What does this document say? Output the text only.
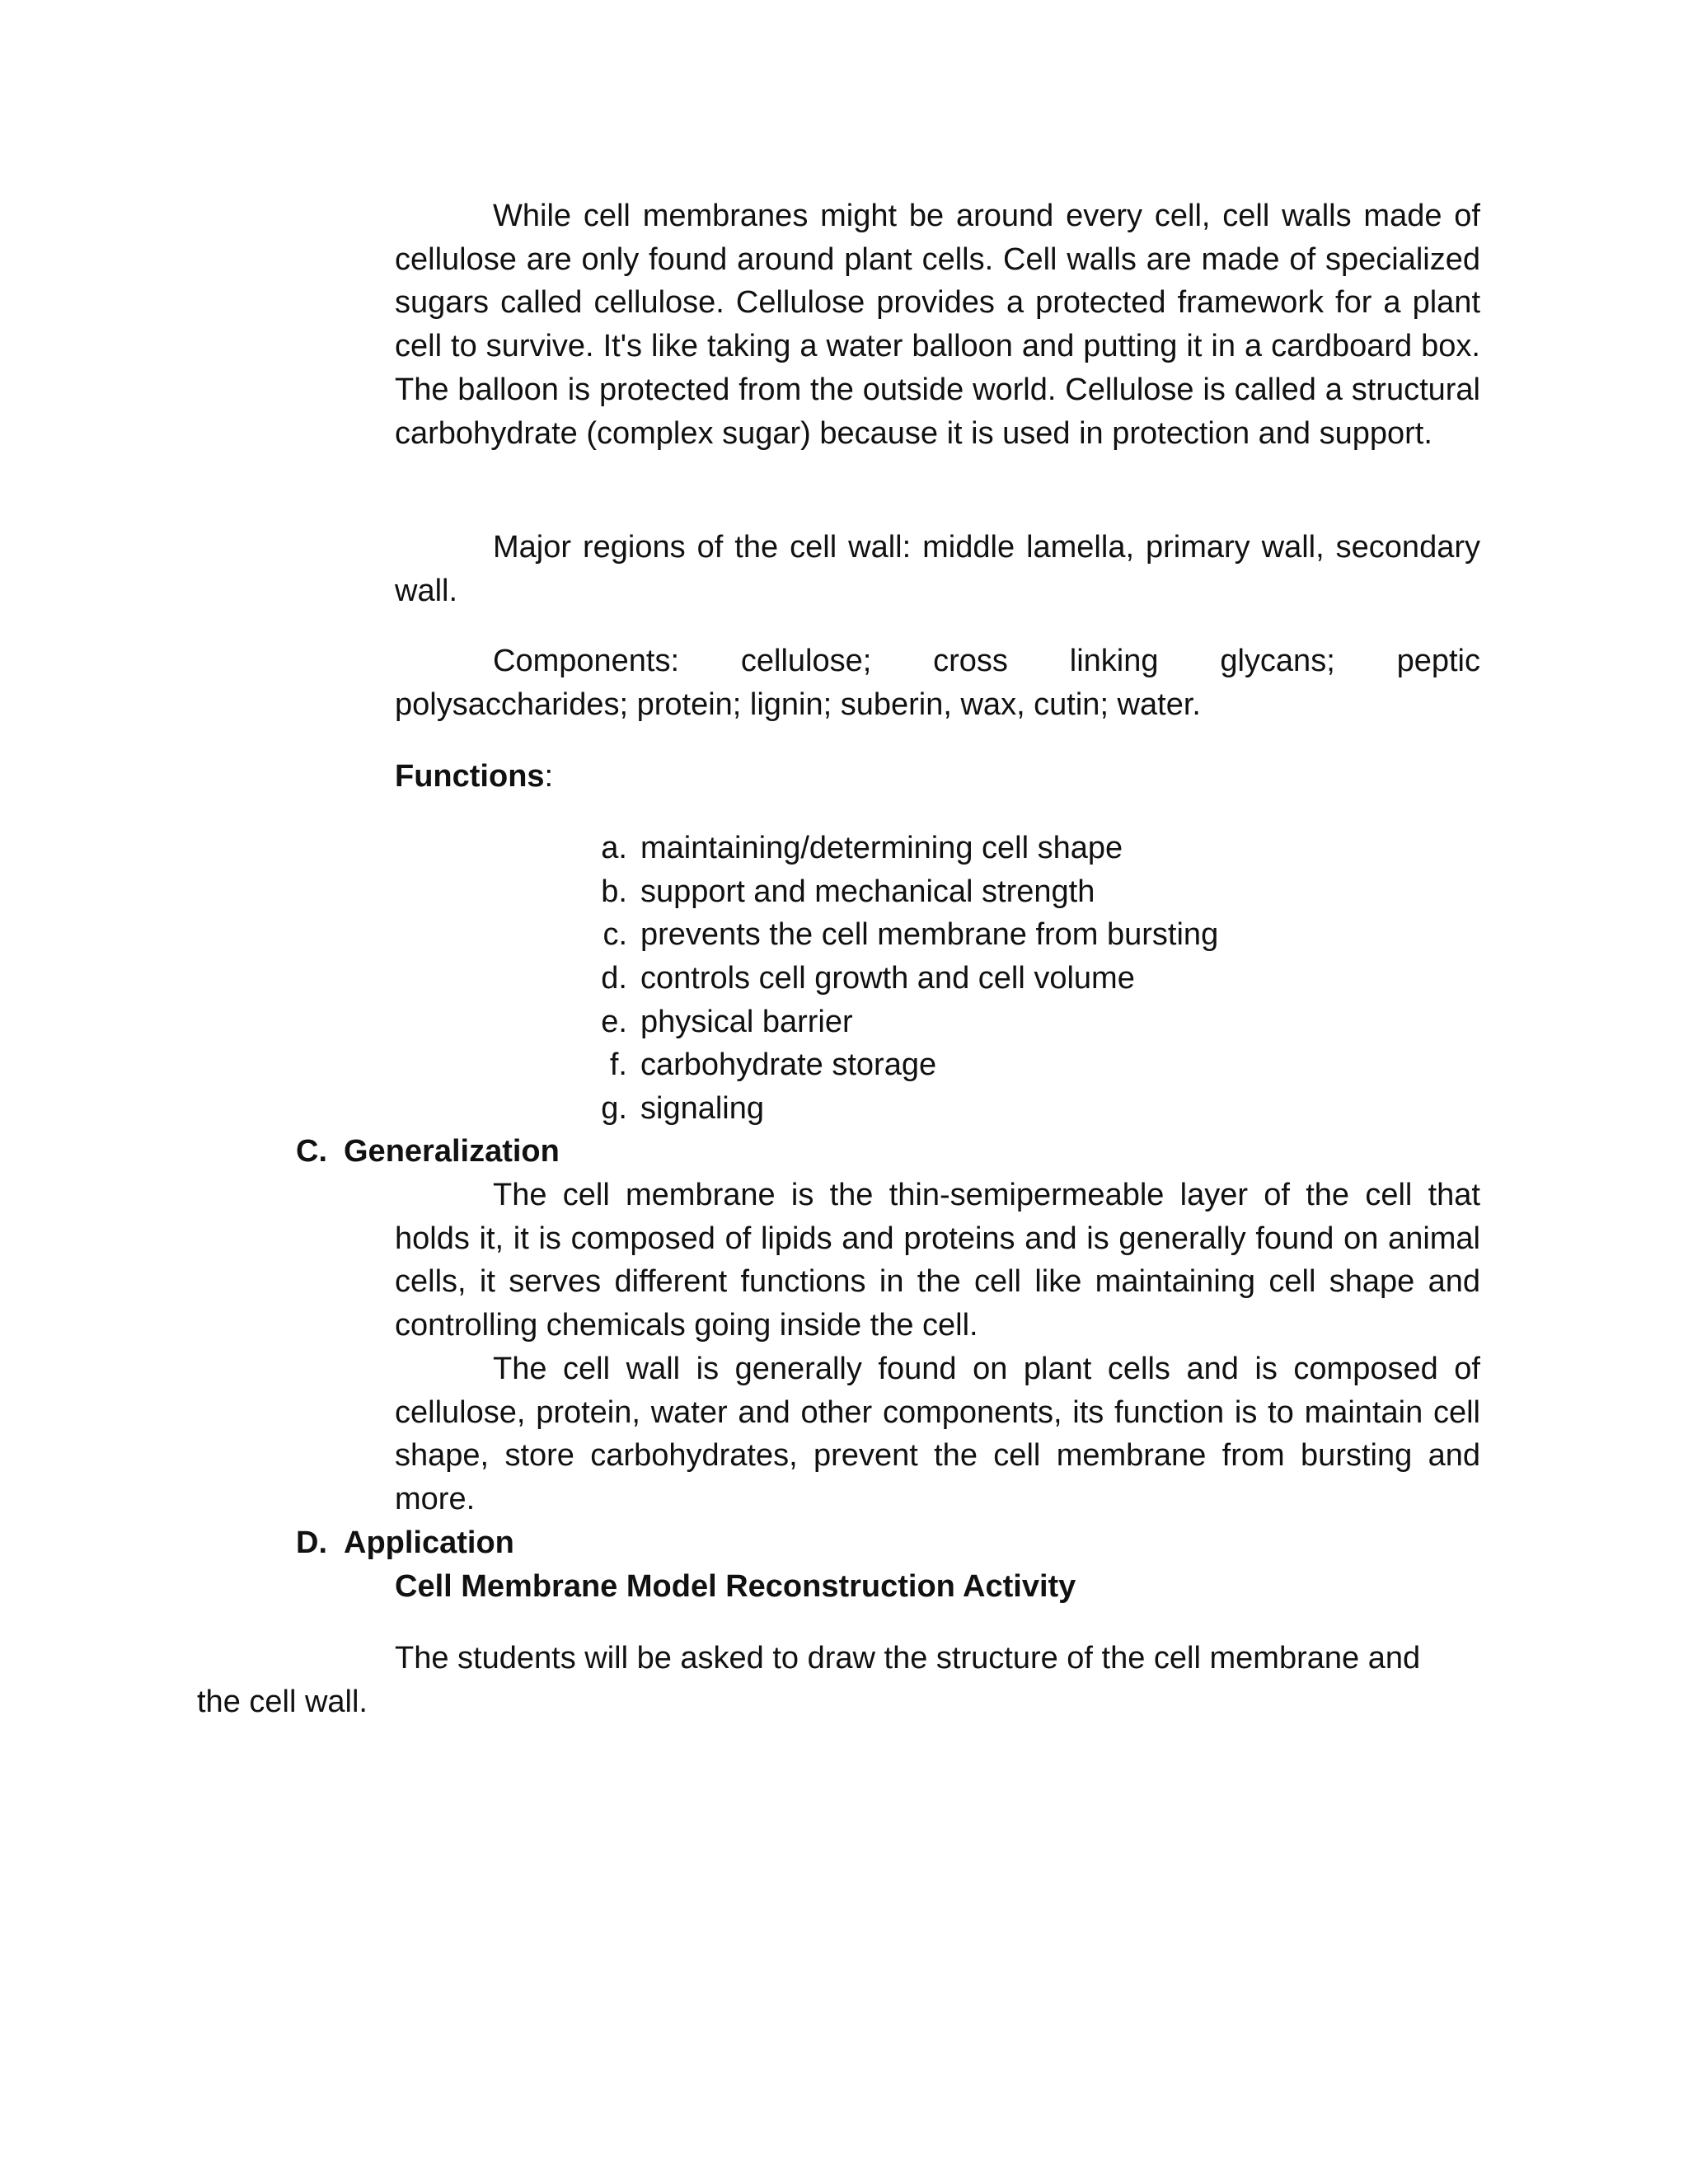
While cell membranes might be around every cell, cell walls made of cellulose are only found around plant cells. Cell walls are made of specialized sugars called cellulose. Cellulose provides a protected framework for a plant cell to survive. It's like taking a water balloon and putting it in a cardboard box. The balloon is protected from the outside world. Cellulose is called a structural carbohydrate (complex sugar) because it is used in protection and support.
Major regions of the cell wall: middle lamella, primary wall, secondary wall.
Components: cellulose; cross linking glycans; peptic
polysaccharides; protein; lignin; suberin, wax, cutin; water.
Functions:
a. maintaining/determining cell shape
b. support and mechanical strength
c. prevents the cell membrane from bursting
d. controls cell growth and cell volume
e. physical barrier
f. carbohydrate storage
g. signaling
C. Generalization
The cell membrane is the thin-semipermeable layer of the cell that holds it, it is composed of lipids and proteins and is generally found on animal cells, it serves different functions in the cell like maintaining cell shape and controlling chemicals going inside the cell.
The cell wall is generally found on plant cells and is composed of cellulose, protein, water and other components, its function is to maintain cell shape, store carbohydrates, prevent the cell membrane from bursting and more.
D. Application
Cell Membrane Model Reconstruction Activity
The students will be asked to draw the structure of the cell membrane and
the cell wall.
